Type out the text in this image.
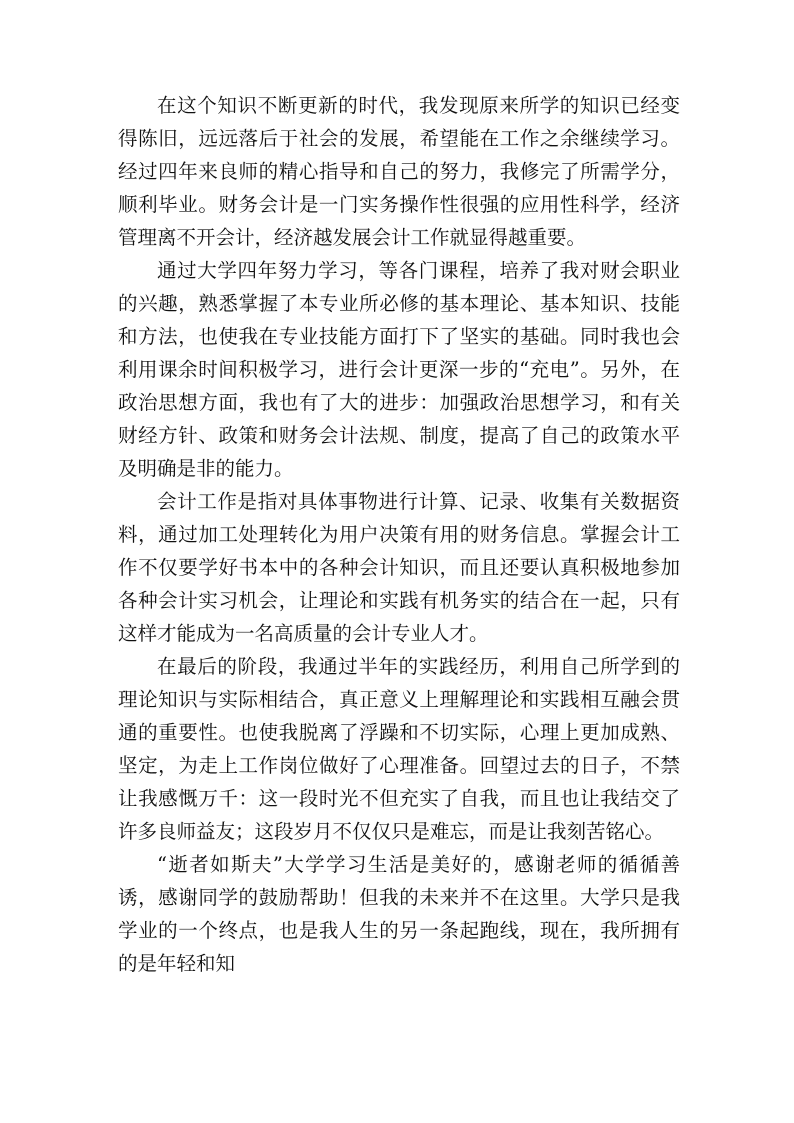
在这个知识不断更新的时代，我发现原来所学的知识已经变得陈旧，远远落后于社会的发展，希望能在工作之余继续学习。经过四年来良师的精心指导和自己的努力，我修完了所需学分，顺利毕业。财务会计是一门实务操作性很强的应用性科学，经济管理离不开会计，经济越发展会计工作就显得越重要。

通过大学四年努力学习，等各门课程，培养了我对财会职业的兴趣，熟悉掌握了本专业所必修的基本理论、基本知识、技能和方法，也使我在专业技能方面打下了坚实的基础。同时我也会利用课余时间积极学习，进行会计更深一步的“充电”。另外，在政治思想方面，我也有了大的进步：加强政治思想学习，和有关财经方针、政策和财务会计法规、制度，提高了自己的政策水平及明确是非的能力。

会计工作是指对具体事物进行计算、记录、收集有关数据资料，通过加工处理转化为用户决策有用的财务信息。掌握会计工作不仅要学好书本中的各种会计知识，而且还要认真积极地参加各种会计实习机会，让理论和实践有机务实的结合在一起，只有这样才能成为一名高质量的会计专业人才。

在最后的阶段，我通过半年的实践经历，利用自己所学到的理论知识与实际相结合，真正意义上理解理论和实践相互融会贯通的重要性。也使我脱离了浮躁和不切实际，心理上更加成熟、坚定，为走上工作岗位做好了心理准备。回望过去的日子，不禁让我感慨万千：这一段时光不但充实了自我，而且也让我结交了许多良师益友；这段岁月不仅仅只是难忘，而是让我刻苦铭心。

“逝者如斯夫”大学学习生活是美好的，感谢老师的循循善诱，感谢同学的鼓励帮助！但我的未来并不在这里。大学只是我学业的一个终点，也是我人生的另一条起跑线，现在，我所拥有的是年轻和知
